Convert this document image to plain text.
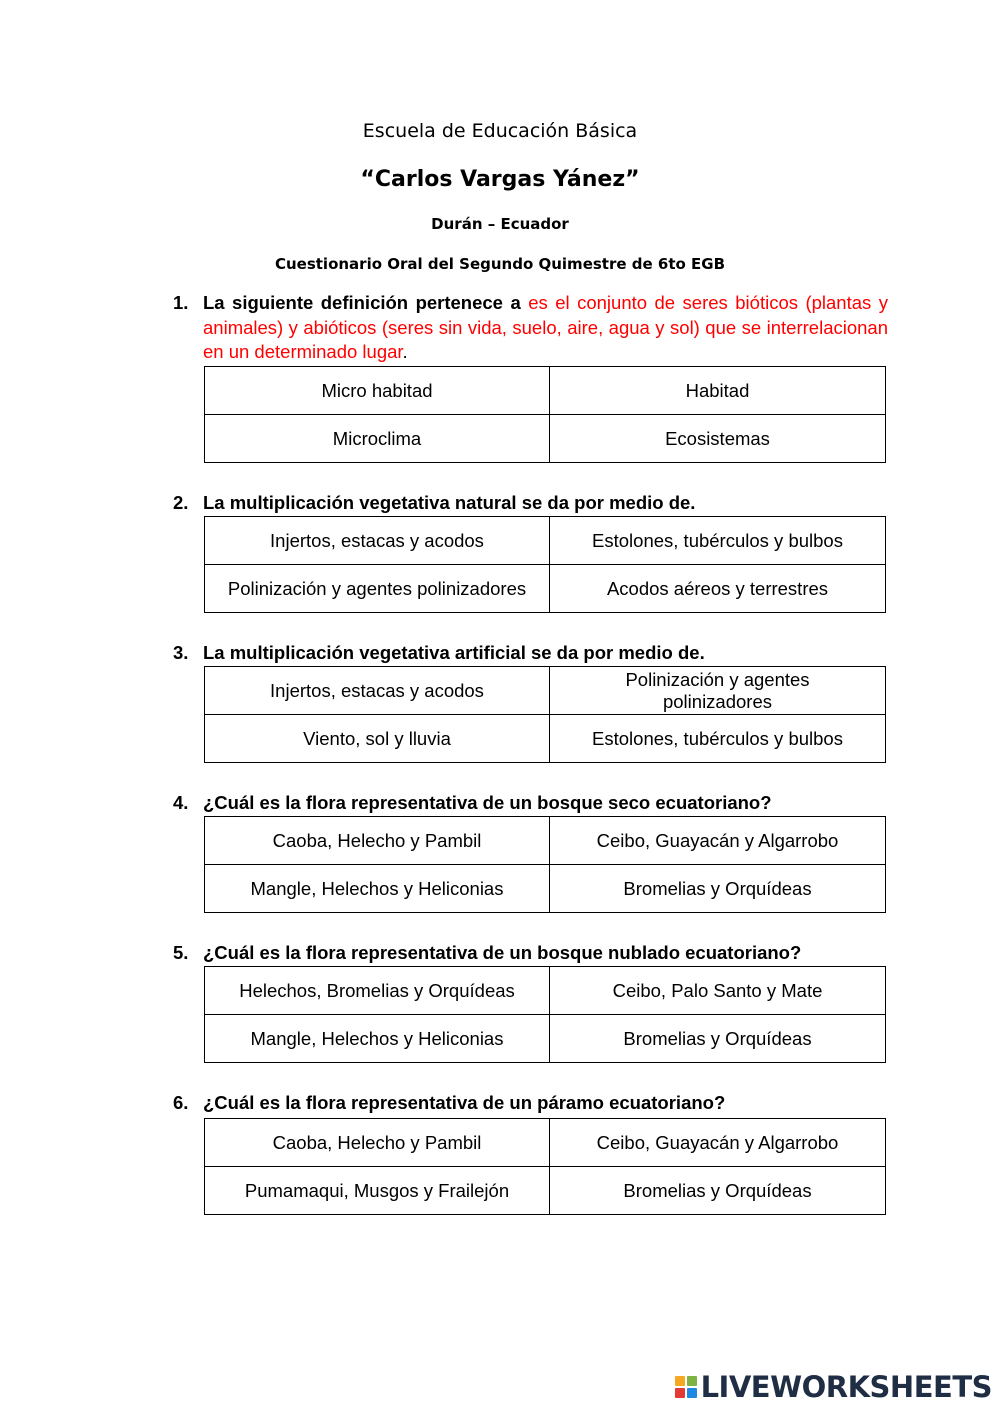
Escuela de Educación Básica
“Carlos Vargas Yánez”
Durán – Ecuador
Cuestionario Oral del Segundo Quimestre de 6to EGB
1. La siguiente definición pertenece a es el conjunto de seres bióticos (plantas y animales) y abióticos (seres sin vida, suelo, aire, agua y sol) que se interrelacionan en un determinado lugar.
Micro habitad	Habitad
Microclima	Ecosistemas
2. La multiplicación vegetativa natural se da por medio de.
Injertos, estacas y acodos	Estolones, tubérculos y bulbos
Polinización y agentes polinizadores	Acodos aéreos y terrestres
3. La multiplicación vegetativa artificial se da por medio de.
Injertos, estacas y acodos	Polinización y agentes polinizadores
Viento, sol y lluvia	Estolones, tubérculos y bulbos
4. ¿Cuál es la flora representativa de un bosque seco ecuatoriano?
Caoba, Helecho y Pambil	Ceibo, Guayacán y Algarrobo
Mangle, Helechos y Heliconias	Bromelias y Orquídeas
5. ¿Cuál es la flora representativa de un bosque nublado ecuatoriano?
Helechos, Bromelias y Orquídeas	Ceibo, Palo Santo y Mate
Mangle, Helechos y Heliconias	Bromelias y Orquídeas
6. ¿Cuál es la flora representativa de un páramo ecuatoriano?
Caoba, Helecho y Pambil	Ceibo, Guayacán y Algarrobo
Pumamaqui, Musgos y Frailejón	Bromelias y Orquídeas
LIVEWORKSHEETS
